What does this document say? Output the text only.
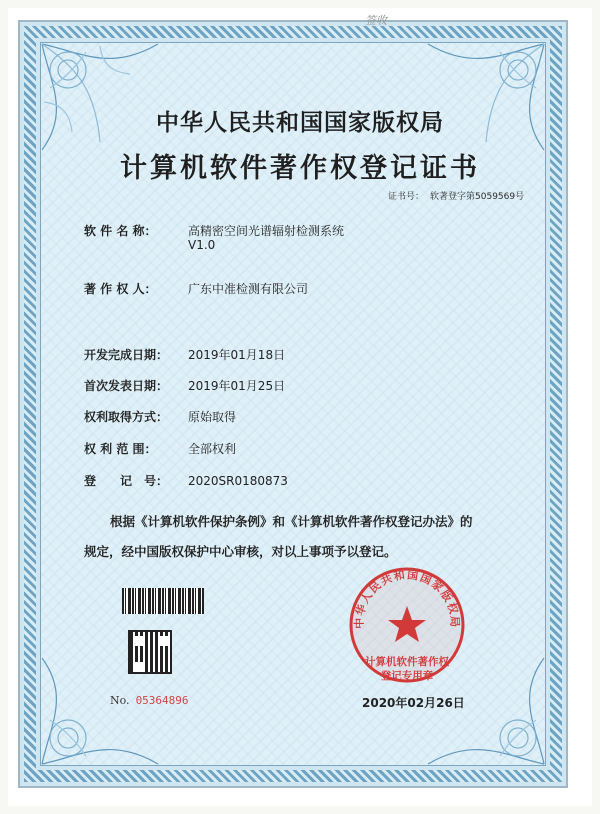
签收
中华人民共和国国家版权局
计算机软件著作权登记证书
证书号： 软著登字第5059569号
软 件 名 称：	高精密空间光谱辐射检测系统
V1.0
著 作 权 人：	广东中准检测有限公司
开发完成日期： 2019年01月18日
首次发表日期： 2019年01月25日
权利取得方式： 原始取得
权 利 范 围：	全部权利
登　　记　号： 2020SR0180873
根据《计算机软件保护条例》和《计算机软件著作权登记办法》的
规定，经中国版权保护中心审核，对以上事项予以登记。
No. 05364896
中华人民共和国国家版权局
计算机软件著作权
登记专用章
2020年02月26日
